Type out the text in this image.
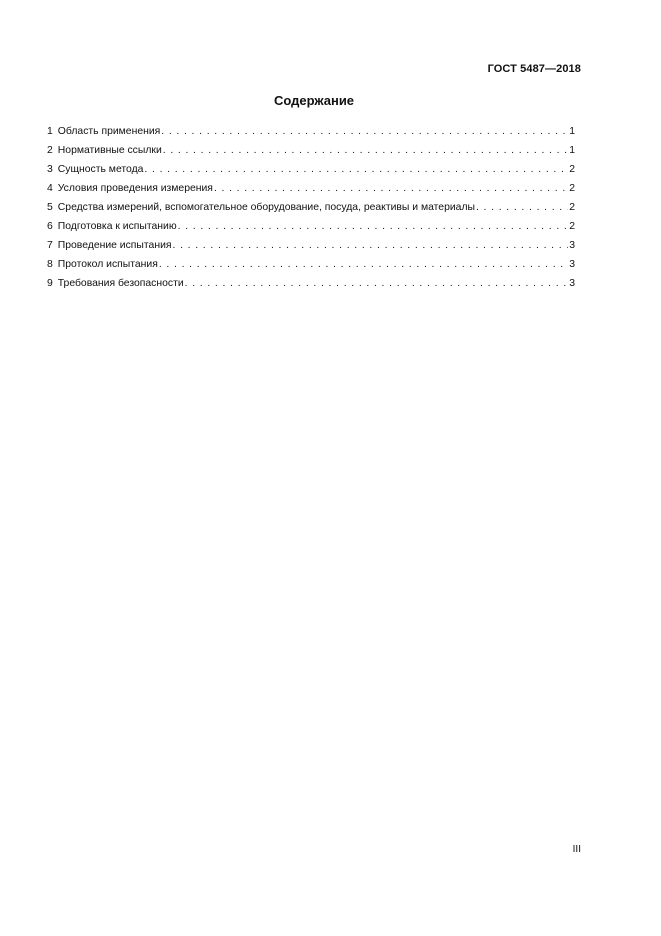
ГОСТ 5487—2018
Содержание
1 Область применения . . .	1
2 Нормативные ссылки . . .	1
3 Сущность метода . . .	2
4 Условия проведения измерения . . .	2
5 Средства измерений, вспомогательное оборудование, посуда, реактивы и материалы . . .	2
6 Подготовка к испытанию . . .	2
7 Проведение испытания . . .	3
8 Протокол испытания . . .	3
9 Требования безопасности . . .	3
III
